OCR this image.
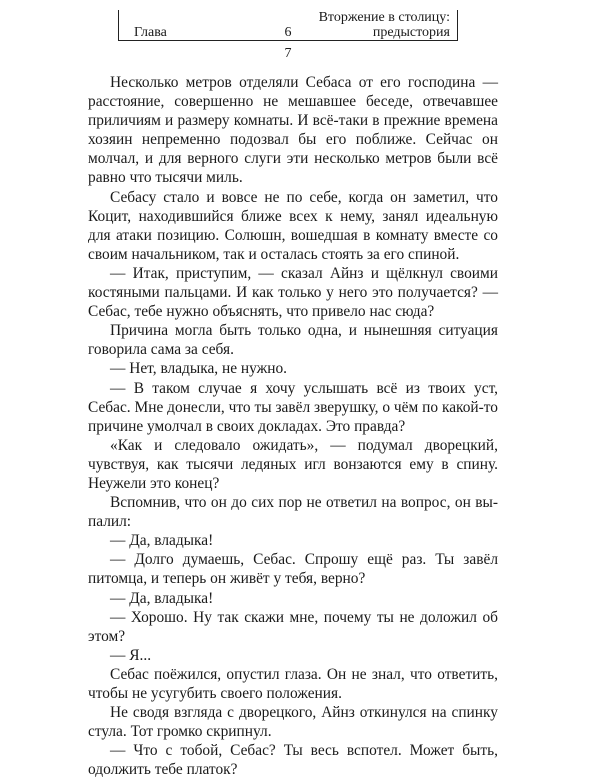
Глава	6
Вторжение в столицу:
предыстория
7

Несколько метров отделяли Себаса от его господина — расстояние, совершенно не мешавшее беседе, отвечавшее приличиям и размеру комнаты. И всё-таки в прежние времена хозяин непременно подозвал бы его поближе. Сейчас он молчал, и для верного слуги эти несколько метров были всё равно что тысячи миль.

Себасу стало и вовсе не по себе, когда он заметил, что Коцит, находившийся ближе всех к нему, занял идеальную для атаки позицию. Солюшн, вошедшая в комнату вместе со своим начальником, так и осталась стоять за его спиной.

— Итак, приступим, — сказал Айнз и щёлкнул своими костяными пальцами. И как только у него это получается? — Себас, тебе нужно объяснять, что привело нас сюда?

Причина могла быть только одна, и нынешняя ситуация говорила сама за себя.

— Нет, владыка, не нужно.

— В таком случае я хочу услышать всё из твоих уст, Себас. Мне донесли, что ты завёл зверушку, о чём по какой-то причине умолчал в своих докладах. Это правда?

«Как и следовало ожидать», — подумал дворецкий, чувствуя, как тысячи ледяных игл вонзаются ему в спину. Неужели это конец?

Вспомнив, что он до сих пор не ответил на вопрос, он выпалил:

— Да, владыка!

— Долго думаешь, Себас. Спрошу ещё раз. Ты завёл питомца, и теперь он живёт у тебя, верно?

— Да, владыка!

— Хорошо. Ну так скажи мне, почему ты не доложил об этом?

— Я...

Себас поёжился, опустил глаза. Он не знал, что ответить, чтобы не усугубить своего положения.

Не сводя взгляда с дворецкого, Айнз откинулся на спинку стула. Тот громко скрипнул.

— Что с тобой, Себас? Ты весь вспотел. Может быть, одолжить тебе платок?
